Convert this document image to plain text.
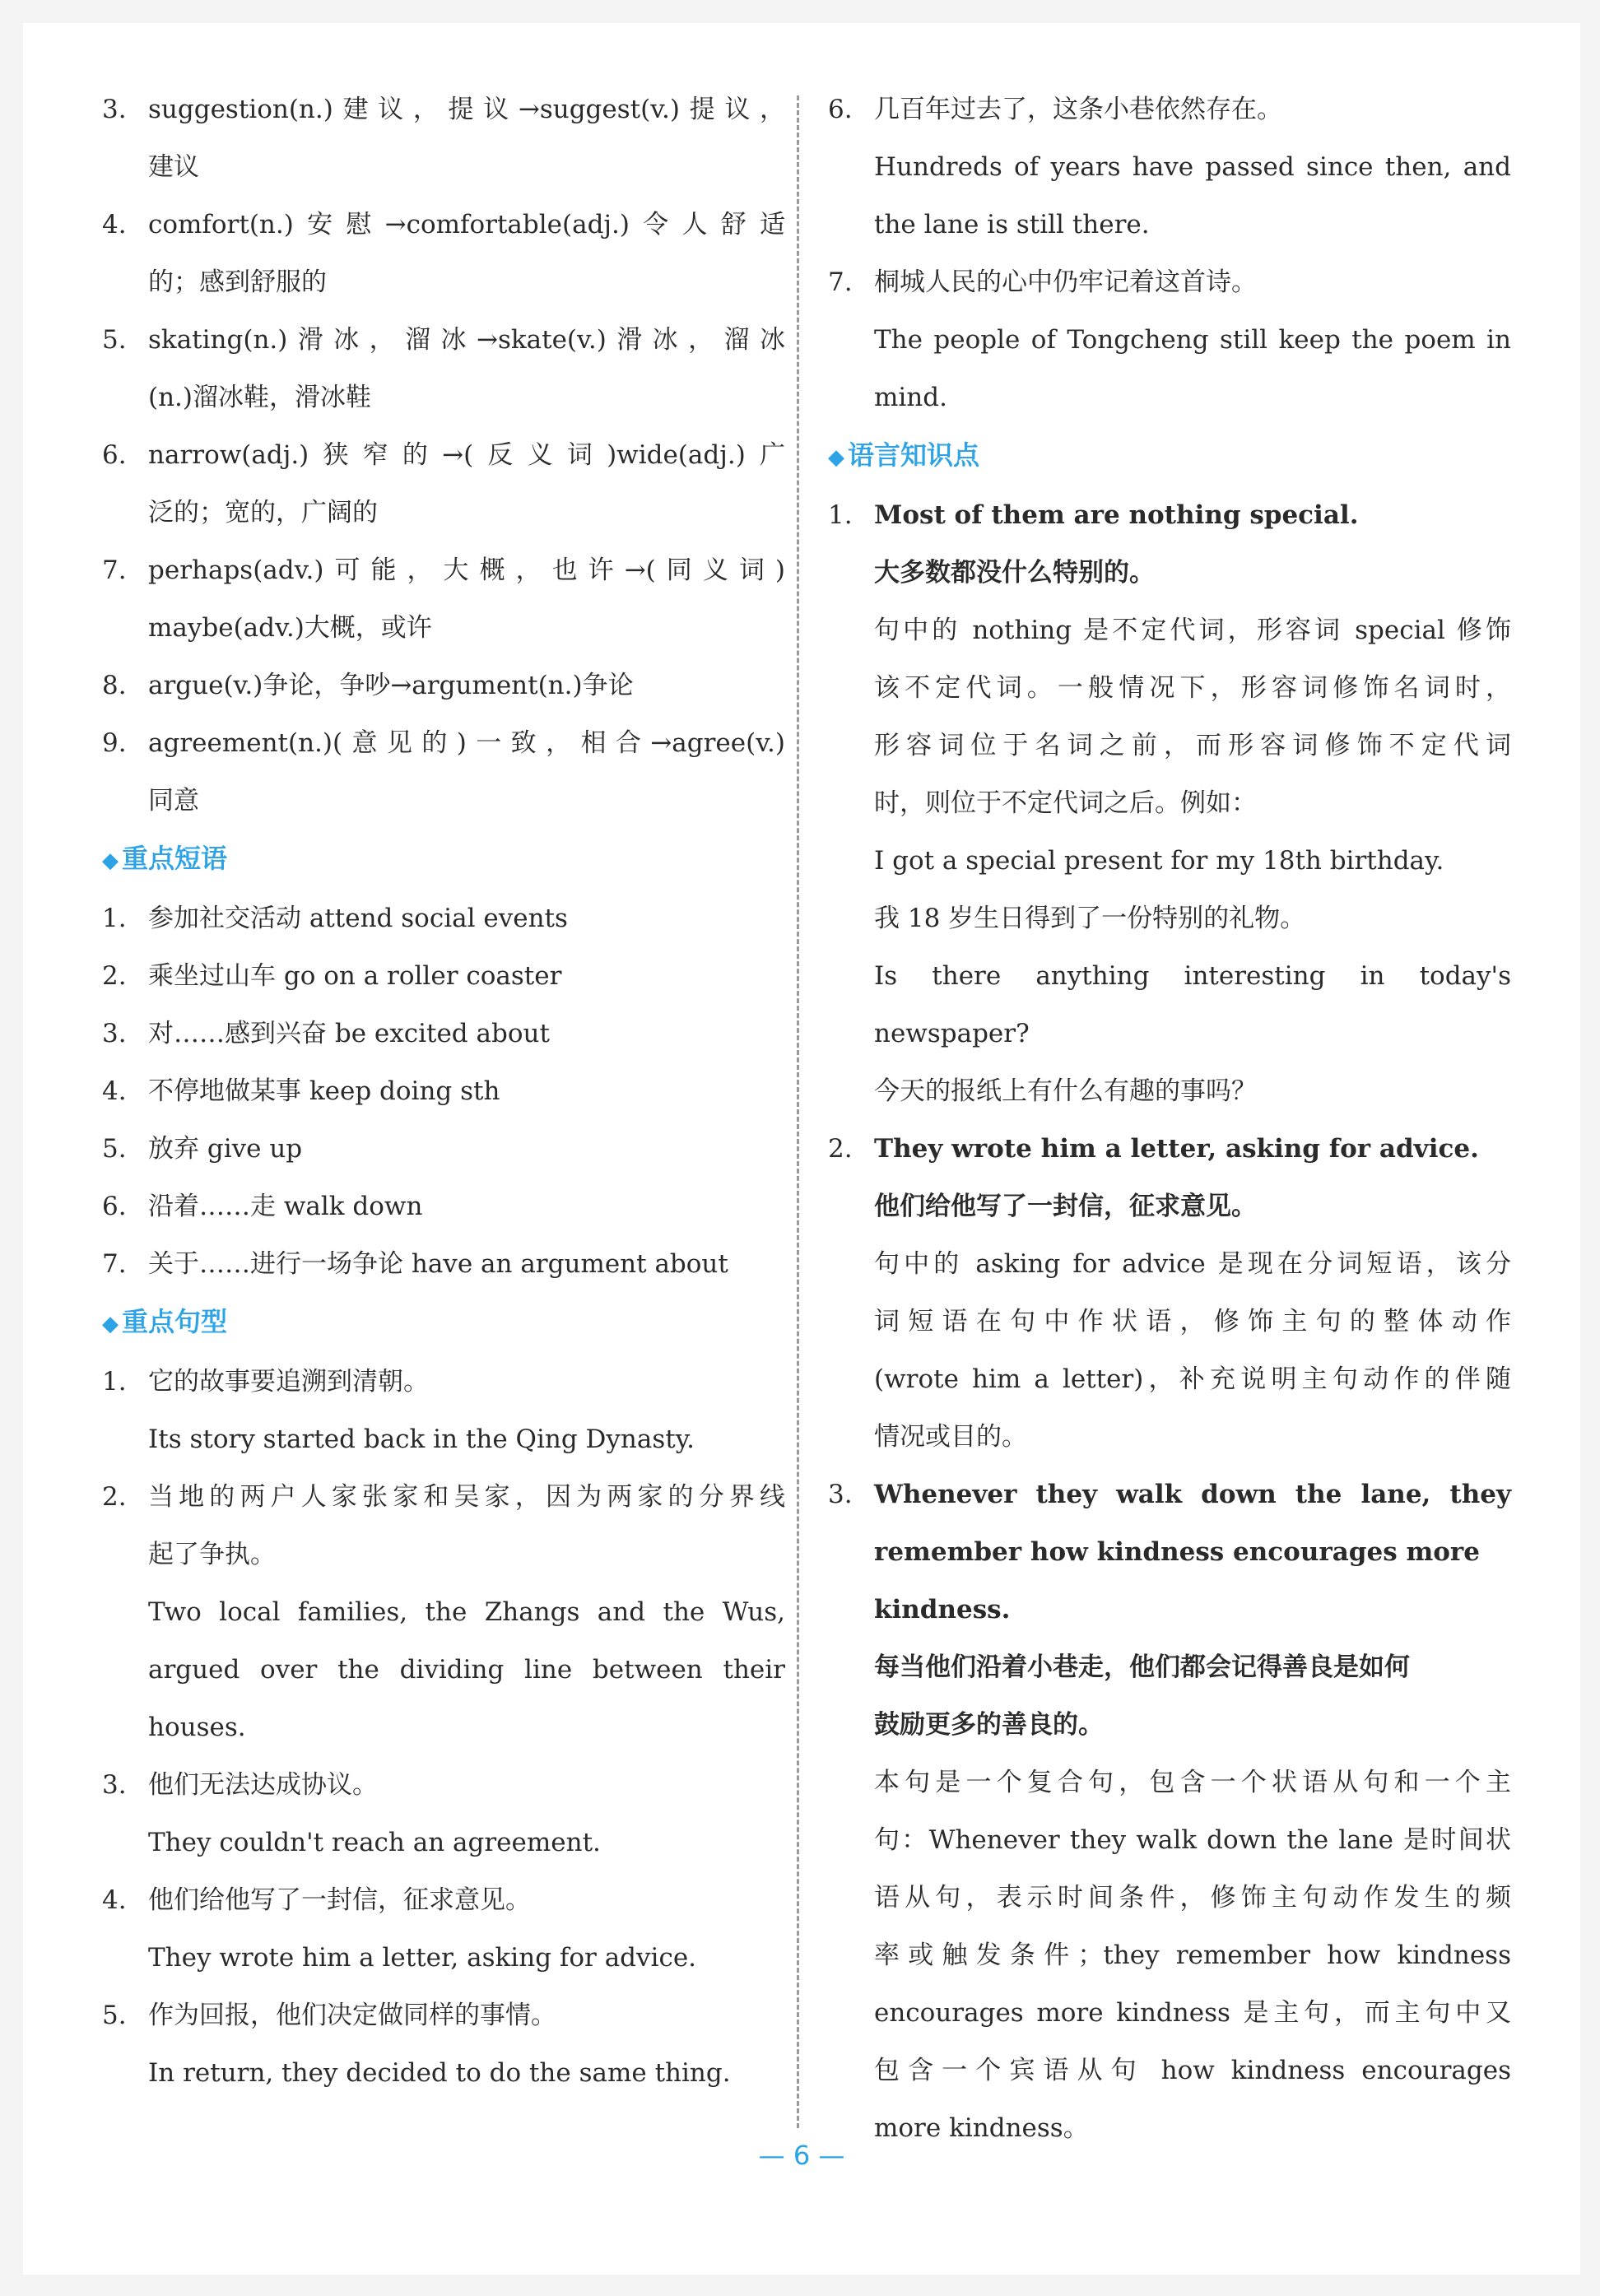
3. suggestion(n.)建议，提议→suggest(v.)提议，
建议
4. comfort(n.)安慰→comfortable(adj.)令人舒适
的；感到舒服的
5. skating(n.)滑冰，溜冰→skate(v.)滑冰，溜冰
(n.)溜冰鞋，滑冰鞋
6. narrow(adj.)狭窄的→(反义词)wide(adj.)广
泛的；宽的，广阔的
7. perhaps(adv.)可能，大概，也许→(同义词)
maybe(adv.)大概，或许
8. argue(v.)争论，争吵→argument(n.)争论
9. agreement(n.)(意见的)一致，相合→agree(v.)
同意
◆ 重点短语
1. 参加社交活动 attend social events
2. 乘坐过山车 go on a roller coaster
3. 对……感到兴奋 be excited about
4. 不停地做某事 keep doing sth
5. 放弃 give up
6. 沿着……走 walk down
7. 关于……进行一场争论 have an argument about
◆ 重点句型
1. 它的故事要追溯到清朝。
Its story started back in the Qing Dynasty.
2. 当地的两户人家张家和吴家，因为两家的分界线
起了争执。
Two local families, the Zhangs and the Wus,
argued over the dividing line between their
houses.
3. 他们无法达成协议。
They couldn't reach an agreement.
4. 他们给他写了一封信，征求意见。
They wrote him a letter, asking for advice.
5. 作为回报，他们决定做同样的事情。
In return, they decided to do the same thing.
6. 几百年过去了，这条小巷依然存在。
Hundreds of years have passed since then, and
the lane is still there.
7. 桐城人民的心中仍牢记着这首诗。
The people of Tongcheng still keep the poem in
mind.
◆ 语言知识点
1. Most of them are nothing special.
大多数都没什么特别的。
句中的 nothing 是不定代词，形容词 special 修饰
该不定代词。一般情况下，形容词修饰名词时，
形容词位于名词之前，而形容词修饰不定代词
时，则位于不定代词之后。例如：
I got a special present for my 18th birthday.
我 18 岁生日得到了一份特别的礼物。
Is there anything interesting in today's
newspaper?
今天的报纸上有什么有趣的事吗？
2. They wrote him a letter, asking for advice.
他们给他写了一封信，征求意见。
句中的 asking for advice 是现在分词短语，该分
词短语在句中作状语，修饰主句的整体动作
(wrote him a letter)，补充说明主句动作的伴随
情况或目的。
3. Whenever they walk down the lane, they
remember how kindness encourages more
kindness.
每当他们沿着小巷走，他们都会记得善良是如何
鼓励更多的善良的。
本句是一个复合句，包含一个状语从句和一个主
句：Whenever they walk down the lane 是时间状
语从句，表示时间条件，修饰主句动作发生的频
率或触发条件；they remember how kindness
encourages more kindness 是主句，而主句中又
包含一个宾语从句 how kindness encourages
more kindness。
— 6 —
